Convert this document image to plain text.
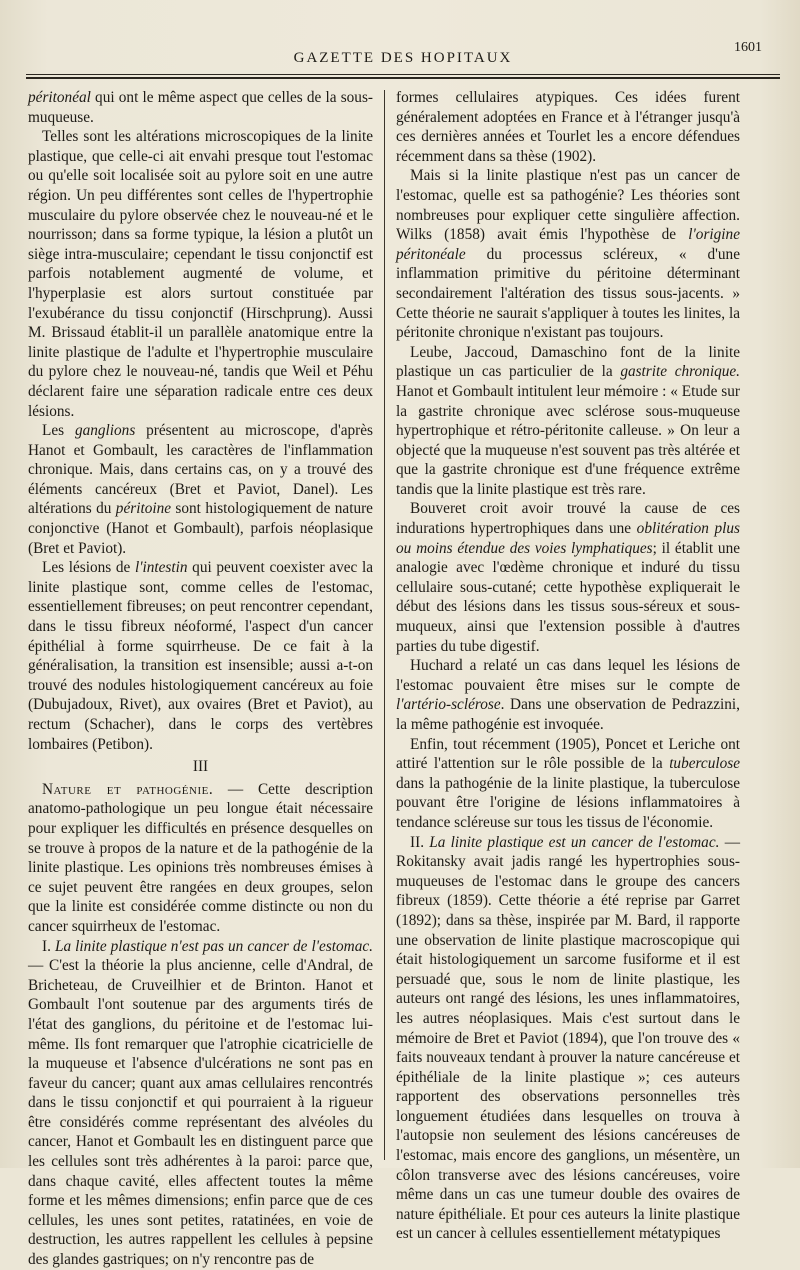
GAZETTE DES HOPITAUX
1601

péritonéal qui ont le même aspect que celles de la sous-muqueuse.

Telles sont les altérations microscopiques de la linite plastique, que celle-ci ait envahi presque tout l'estomac ou qu'elle soit localisée soit au pylore soit en une autre région. Un peu différentes sont celles de l'hypertrophie musculaire du pylore observée chez le nouveau-né et le nourrisson; dans sa forme typique, la lésion a plutôt un siège intra-musculaire; cependant le tissu conjonctif est parfois notablement augmenté de volume, et l'hyperplasie est alors surtout constituée par l'exubérance du tissu conjonctif (Hirschprung). Aussi M. Brissaud établit-il un parallèle anatomique entre la linite plastique de l'adulte et l'hypertrophie musculaire du pylore chez le nouveau-né, tandis que Weil et Péhu déclarent faire une séparation radicale entre ces deux lésions.

Les ganglions présentent au microscope, d'après Hanot et Gombault, les caractères de l'inflammation chronique. Mais, dans certains cas, on y a trouvé des éléments cancéreux (Bret et Paviot, Danel). Les altérations du péritoine sont histologiquement de nature conjonctive (Hanot et Gombault), parfois néoplasique (Bret et Paviot).

Les lésions de l'intestin qui peuvent coexister avec la linite plastique sont, comme celles de l'estomac, essentiellement fibreuses; on peut rencontrer cependant, dans le tissu fibreux néoformé, l'aspect d'un cancer épithélial à forme squirrheuse. De ce fait à la généralisation, la transition est insensible; aussi a-t-on trouvé des nodules histologiquement cancéreux au foie (Dubujadoux, Rivet), aux ovaires (Bret et Paviot), au rectum (Schacher), dans le corps des vertèbres lombaires (Petibon).

III

Nature et pathogénie. — Cette description anatomo-pathologique un peu longue était nécessaire pour expliquer les difficultés en présence desquelles on se trouve à propos de la nature et de la pathogénie de la linite plastique. Les opinions très nombreuses émises à ce sujet peuvent être rangées en deux groupes, selon que la linite est considérée comme distincte ou non du cancer squirrheux de l'estomac.

I. La linite plastique n'est pas un cancer de l'estomac. — C'est la théorie la plus ancienne, celle d'Andral, de Bricheteau, de Cruveilhier et de Brinton. Hanot et Gombault l'ont soutenue par des arguments tirés de l'état des ganglions, du péritoine et de l'estomac lui-même. Ils font remarquer que l'atrophie cicatricielle de la muqueuse et l'absence d'ulcérations ne sont pas en faveur du cancer; quant aux amas cellulaires rencontrés dans le tissu conjonctif et qui pourraient à la rigueur être considérés comme représentant des alvéoles du cancer, Hanot et Gombault les en distinguent parce que les cellules sont très adhérentes à la paroi: parce que, dans chaque cavité, elles affectent toutes la même forme et les mêmes dimensions; enfin parce que de ces cellules, les unes sont petites, ratatinées, en voie de destruction, les autres rappellent les cellules à pepsine des glandes gastriques; on n'y rencontre pas de

formes cellulaires atypiques. Ces idées furent généralement adoptées en France et à l'étranger jusqu'à ces dernières années et Tourlet les a encore défendues récemment dans sa thèse (1902).

Mais si la linite plastique n'est pas un cancer de l'estomac, quelle est sa pathogénie? Les théories sont nombreuses pour expliquer cette singulière affection. Wilks (1858) avait émis l'hypothèse de l'origine péritonéale du processus scléreux, « d'une inflammation primitive du péritoine déterminant secondairement l'altération des tissus sous-jacents. » Cette théorie ne saurait s'appliquer à toutes les linites, la péritonite chronique n'existant pas toujours.

Leube, Jaccoud, Damaschino font de la linite plastique un cas particulier de la gastrite chronique. Hanot et Gombault intitulent leur mémoire : « Etude sur la gastrite chronique avec sclérose sous-muqueuse hypertrophique et rétro-péritonite calleuse. » On leur a objecté que la muqueuse n'est souvent pas très altérée et que la gastrite chronique est d'une fréquence extrême tandis que la linite plastique est très rare.

Bouveret croit avoir trouvé la cause de ces indurations hypertrophiques dans une oblitération plus ou moins étendue des voies lymphatiques; il établit une analogie avec l'œdème chronique et induré du tissu cellulaire sous-cutané; cette hypothèse expliquerait le début des lésions dans les tissus sous-séreux et sous-muqueux, ainsi que l'extension possible à d'autres parties du tube digestif.

Huchard a relaté un cas dans lequel les lésions de l'estomac pouvaient être mises sur le compte de l'artério-sclérose. Dans une observation de Pedrazzini, la même pathogénie est invoquée.

Enfin, tout récemment (1905), Poncet et Leriche ont attiré l'attention sur le rôle possible de la tuberculose dans la pathogénie de la linite plastique, la tuberculose pouvant être l'origine de lésions inflammatoires à tendance scléreuse sur tous les tissus de l'économie.

II. La linite plastique est un cancer de l'estomac. — Rokitansky avait jadis rangé les hypertrophies sous-muqueuses de l'estomac dans le groupe des cancers fibreux (1859). Cette théorie a été reprise par Garret (1892); dans sa thèse, inspirée par M. Bard, il rapporte une observation de linite plastique macroscopique qui était histologiquement un sarcome fusiforme et il est persuadé que, sous le nom de linite plastique, les auteurs ont rangé des lésions, les unes inflammatoires, les autres néoplasiques. Mais c'est surtout dans le mémoire de Bret et Paviot (1894), que l'on trouve des « faits nouveaux tendant à prouver la nature cancéreuse et épithéliale de la linite plastique »; ces auteurs rapportent des observations personnelles très longuement étudiées dans lesquelles on trouva à l'autopsie non seulement des lésions cancéreuses de l'estomac, mais encore des ganglions, un mésentère, un côlon transverse avec des lésions cancéreuses, voire même dans un cas une tumeur double des ovaires de nature épithéliale. Et pour ces auteurs la linite plastique est un cancer à cellules essentiellement métatypiques
